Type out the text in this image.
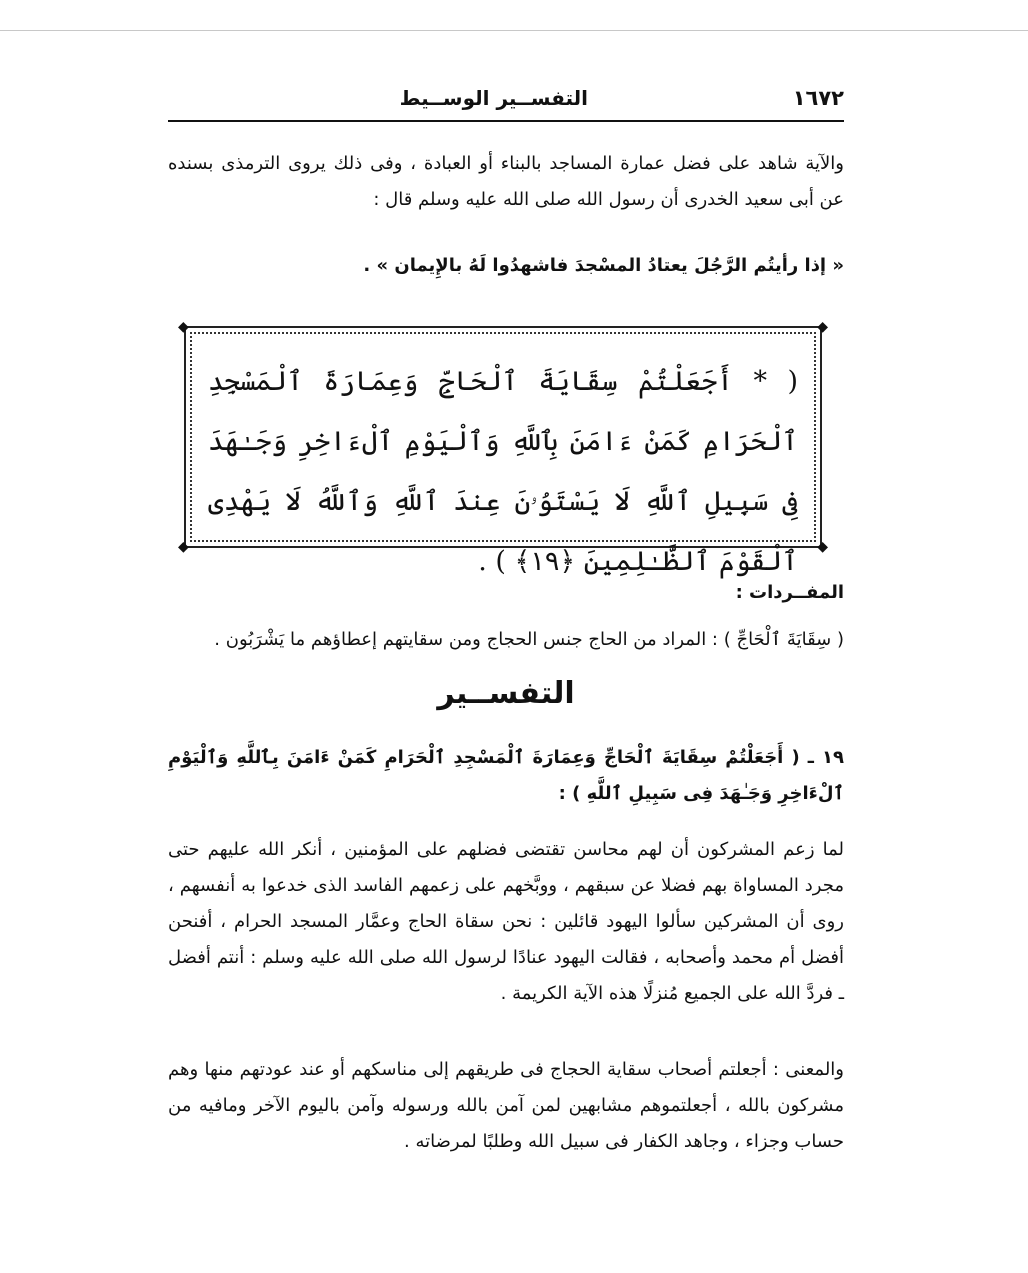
١٦٧٢
التفســير الوســيط
والآية شاهد على فضل عمارة المساجد بالبناء أو العبادة ، وفى ذلك يروى الترمذى بسنده عن أبى سعيد الخدرى أن رسول الله صلى الله عليه وسلم قال :
« إذا رأيتُم الرَّجُلَ يعتادُ المسْجدَ فاشهدُوا لَهُ بالإِيمان » .
◆	◆
◆	◆
( * أَجَعَلْتُمْ سِقَايَةَ ٱلْحَاجِّ وَعِمَارَةَ ٱلْمَسْجِدِ ٱلْحَرَامِ كَمَنْ ءَامَنَ بِٱللَّهِ وَٱلْيَوْمِ ٱلْءَاخِرِ وَجَـٰهَدَ فِى سَبِيلِ ٱللَّهِ لَا يَسْتَوُۥنَ عِندَ ٱللَّهِ وَٱللَّهُ لَا يَهْدِى ٱلْقَوْمَ ٱلظَّـٰلِمِينَ ﴿١٩﴾ ) .
المفــردات :
( سِقَايَةَ ٱلْحَاجِّ ) : المراد من الحاج جنس الحجاج ومن سقايتهم إعطاؤهم ما يَشْرَبُون .
التفســير
١٩ ـ ( أَجَعَلْتُمْ سِقَايَةَ ٱلْحَاجِّ وَعِمَارَةَ ٱلْمَسْجِدِ ٱلْحَرَامِ كَمَنْ ءَامَنَ بِٱللَّهِ وَٱلْيَوْمِ ٱلْءَاخِرِ وَجَـٰهَدَ فِى سَبِيلِ ٱللَّهِ ) :
لما زعم المشركون أن لهم محاسن تقتضى فضلهم على المؤمنين ، أنكر الله عليهم حتى مجرد المساواة بهم فضلا عن سبقهم ، ووبَّخهم على زعمهم الفاسد الذى خدعوا به أنفسهم ، روى أن المشركين سألوا اليهود قائلين : نحن سقاة الحاج وعمَّار المسجد الحرام ، أفنحن أفضل أم محمد وأصحابه ، فقالت اليهود عنادًا لرسول الله صلى الله عليه وسلم : أنتم أفضل ـ فردَّ الله على الجميع مُنزلًا هذه الآية الكريمة .
والمعنى : أجعلتم أصحاب سقاية الحجاج فى طريقهم إلى مناسكهم أو عند عودتهم منها وهم مشركون بالله ، أجعلتموهم مشابهين لمن آمن بالله ورسوله وآمن باليوم الآخر ومافيه من حساب وجزاء ، وجاهد الكفار فى سبيل الله وطلبًا لمرضاته .
